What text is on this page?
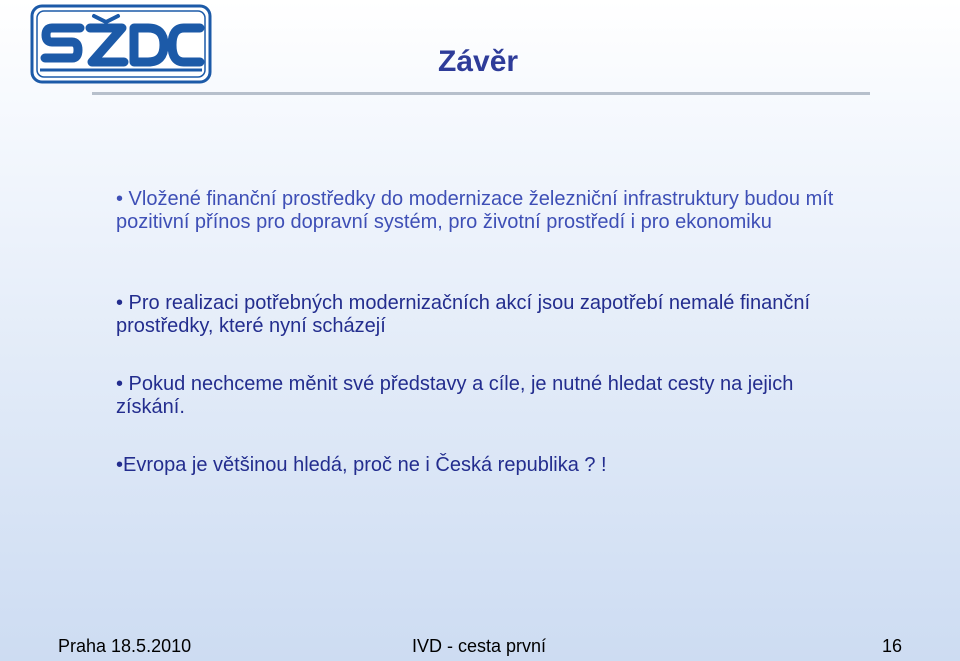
Závěr

• Vložené finanční prostředky do modernizace železniční infrastruktury budou mít pozitivní přínos pro dopravní systém, pro životní prostředí i pro ekonomiku

• Pro realizaci potřebných modernizačních akcí jsou zapotřebí nemalé finanční prostředky, které nyní scházejí

• Pokud nechceme měnit své představy a cíle, je nutné hledat cesty na jejich získání.

•Evropa je většinou hledá, proč ne i Česká republika ? !

Praha 18.5.2010	IVD - cesta první	16
